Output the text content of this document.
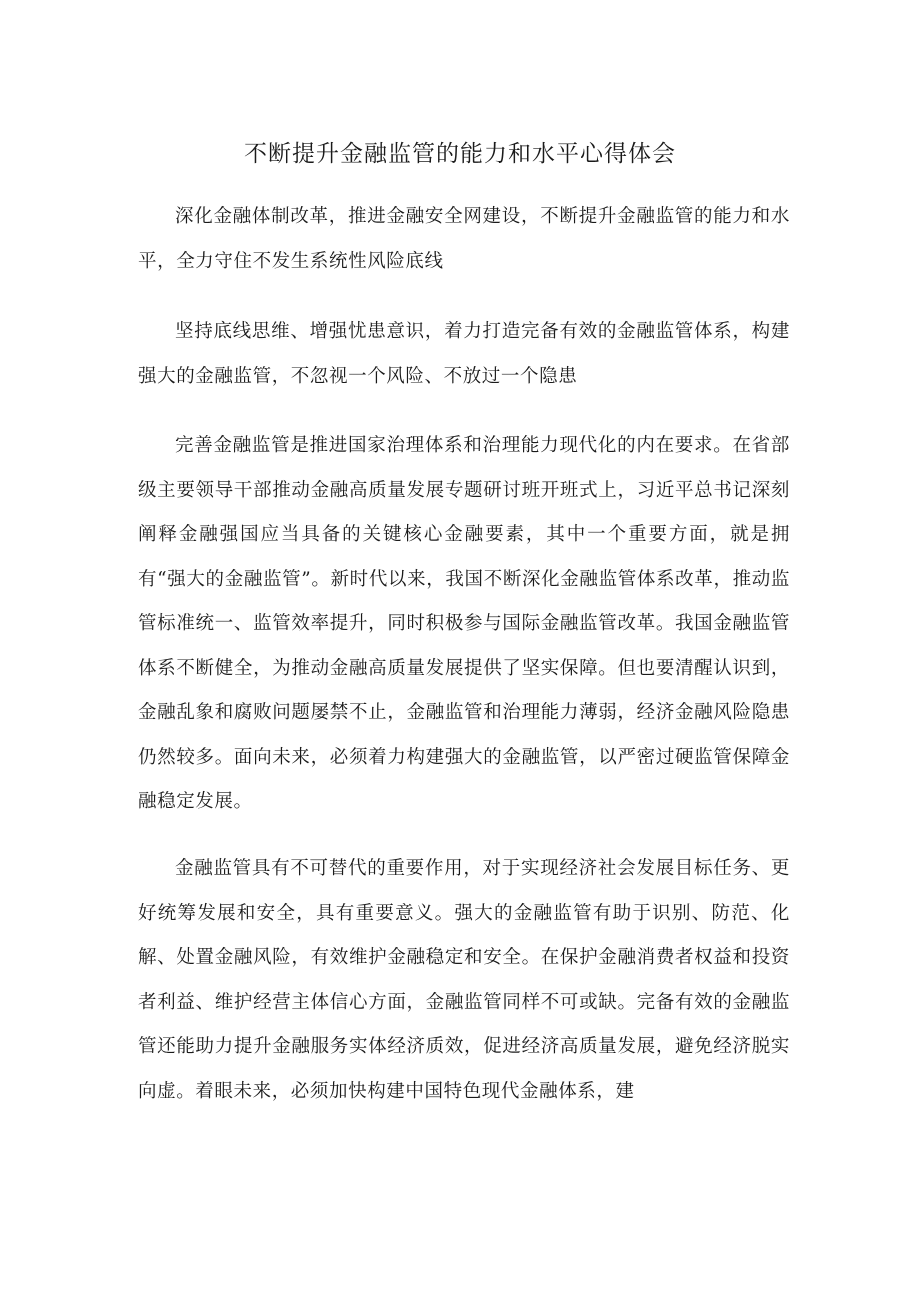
不断提升金融监管的能力和水平心得体会

深化金融体制改革，推进金融安全网建设，不断提升金融监管的能力和水平，全力守住不发生系统性风险底线

坚持底线思维、增强忧患意识，着力打造完备有效的金融监管体系，构建强大的金融监管，不忽视一个风险、不放过一个隐患

完善金融监管是推进国家治理体系和治理能力现代化的内在要求。在省部级主要领导干部推动金融高质量发展专题研讨班开班式上，习近平总书记深刻阐释金融强国应当具备的关键核心金融要素，其中一个重要方面，就是拥有“强大的金融监管”。新时代以来，我国不断深化金融监管体系改革，推动监管标准统一、监管效率提升，同时积极参与国际金融监管改革。我国金融监管体系不断健全，为推动金融高质量发展提供了坚实保障。但也要清醒认识到，金融乱象和腐败问题屡禁不止，金融监管和治理能力薄弱，经济金融风险隐患仍然较多。面向未来，必须着力构建强大的金融监管，以严密过硬监管保障金融稳定发展。

金融监管具有不可替代的重要作用，对于实现经济社会发展目标任务、更好统筹发展和安全，具有重要意义。强大的金融监管有助于识别、防范、化解、处置金融风险，有效维护金融稳定和安全。在保护金融消费者权益和投资者利益、维护经营主体信心方面，金融监管同样不可或缺。完备有效的金融监管还能助力提升金融服务实体经济质效，促进经济高质量发展，避免经济脱实向虚。着眼未来，必须加快构建中国特色现代金融体系，建
